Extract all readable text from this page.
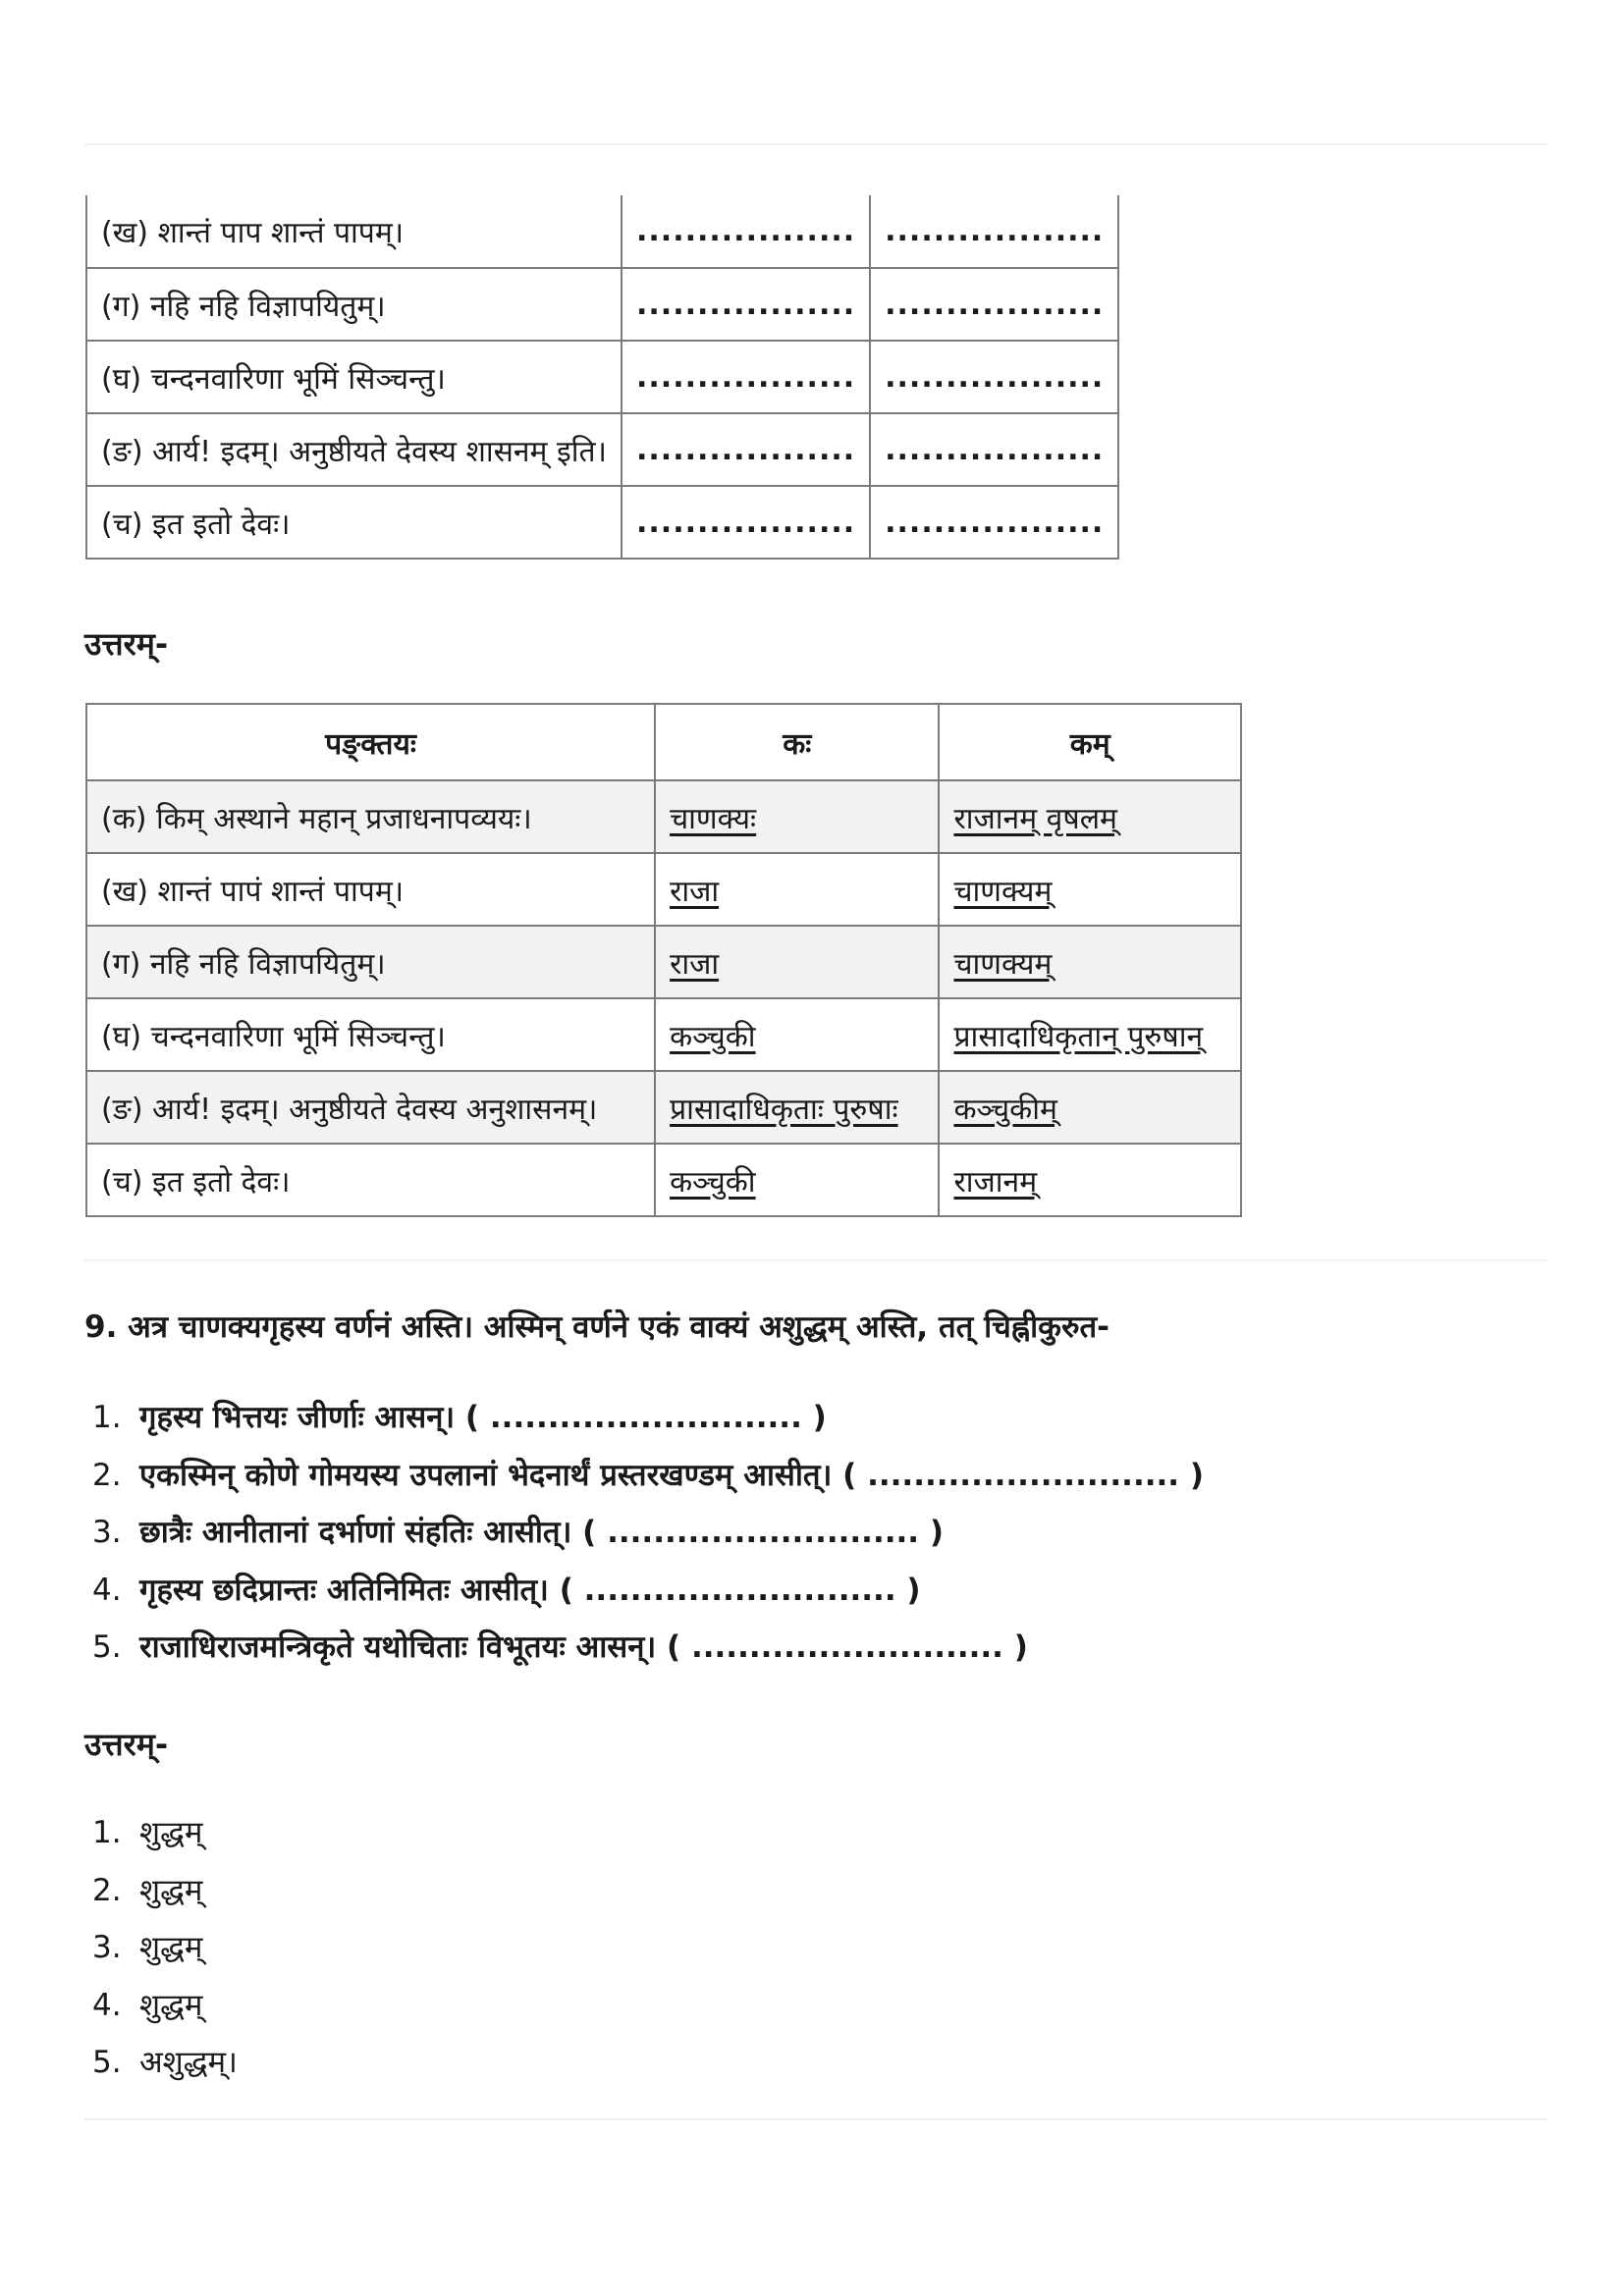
(ख) शान्तं पाप शान्तं पापम्।	..................	..................
(ग) नहि नहि विज्ञापयितुम्।	..................	..................
(घ) चन्दनवारिणा भूमिं सिञ्चन्तु।	..................	..................
(ङ) आर्य! इदम्। अनुष्ठीयते देवस्य शासनम् इति।	..................	..................
(च) इत इतो देवः।	..................	..................
उत्तरम्-
पङ्क्तयः	कः	कम्
(क) किम् अस्थाने महान् प्रजाधनापव्ययः।	चाणक्यः	राजानम् वृषलम्
(ख) शान्तं पापं शान्तं पापम्।	राजा	चाणक्यम्
(ग) नहि नहि विज्ञापयितुम्।	राजा	चाणक्यम्
(घ) चन्दनवारिणा भूमिं सिञ्चन्तु।	कञ्चुकी	प्रासादाधिकृतान् पुरुषान्
(ङ) आर्य! इदम्। अनुष्ठीयते देवस्य अनुशासनम्।	प्रासादाधिकृताः पुरुषाः	कञ्चुकीम्
(च) इत इतो देवः।	कञ्चुकी	राजानम्
9. अत्र चाणक्यगृहस्य वर्णनं अस्ति। अस्मिन् वर्णने एकं वाक्यं अशुद्धम् अस्ति, तत् चिह्नीकुरुत-
1. गृहस्य भित्तयः जीर्णाः आसन्। ( ........................... )
2. एकस्मिन् कोणे गोमयस्य उपलानां भेदनार्थं प्रस्तरखण्डम् आसीत्। ( ........................... )
3. छात्रैः आनीतानां दर्भाणां संहतिः आसीत्। ( ........................... )
4. गृहस्य छदिप्रान्तः अतिनिमितः आसीत्। ( ........................... )
5. राजाधिराजमन्त्रिकृते यथोचिताः विभूतयः आसन्। ( ........................... )
उत्तरम्-
1. शुद्धम्
2. शुद्धम्
3. शुद्धम्
4. शुद्धम्
5. अशुद्धम्।
